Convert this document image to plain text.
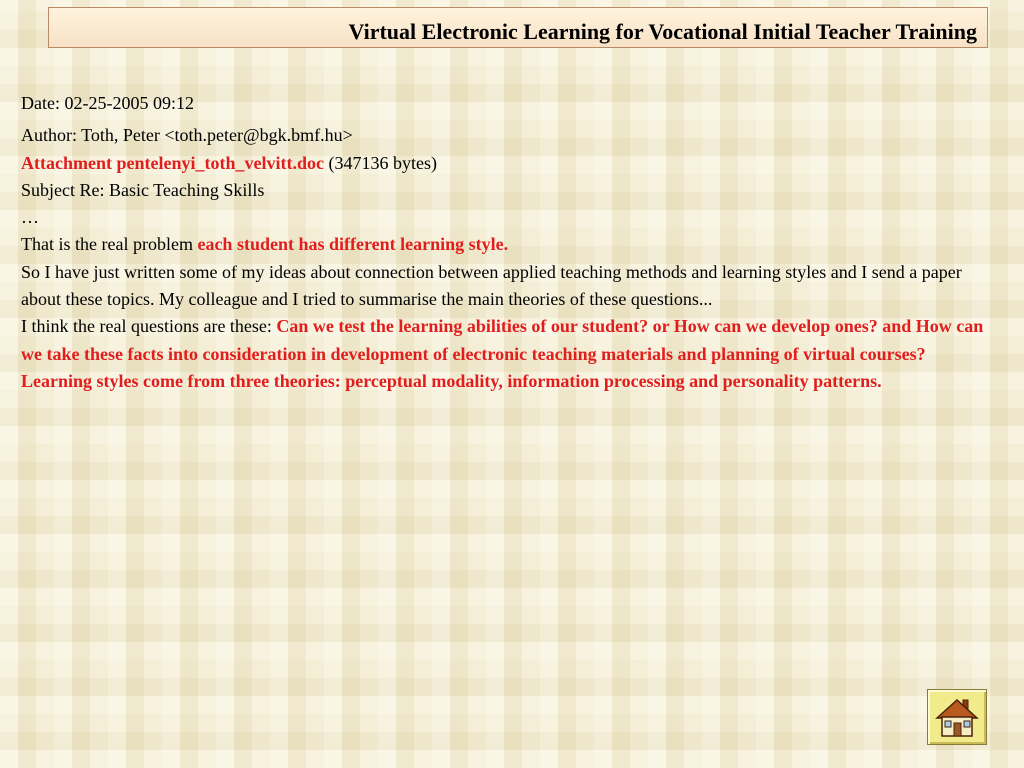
Virtual Electronic Learning for Vocational Initial Teacher Training

Date: 02-25-2005 09:12

Author: Toth, Peter <toth.peter@bgk.bmf.hu>

Attachment pentelenyi_toth_velvitt.doc (347136 bytes)

Subject Re: Basic Teaching Skills

…

That is the real problem each student has different learning style.

So I have just written some of my ideas about connection between applied teaching methods and learning styles and I send a paper about these topics. My colleague and I tried to summarise the main theories of these questions...

I think the real questions are these: Can we test the learning abilities of our student? or How can we develop ones? and How can we take these facts into consideration in development of electronic teaching materials and planning of virtual courses?

Learning styles come from three theories: perceptual modality, information processing and personality patterns.
